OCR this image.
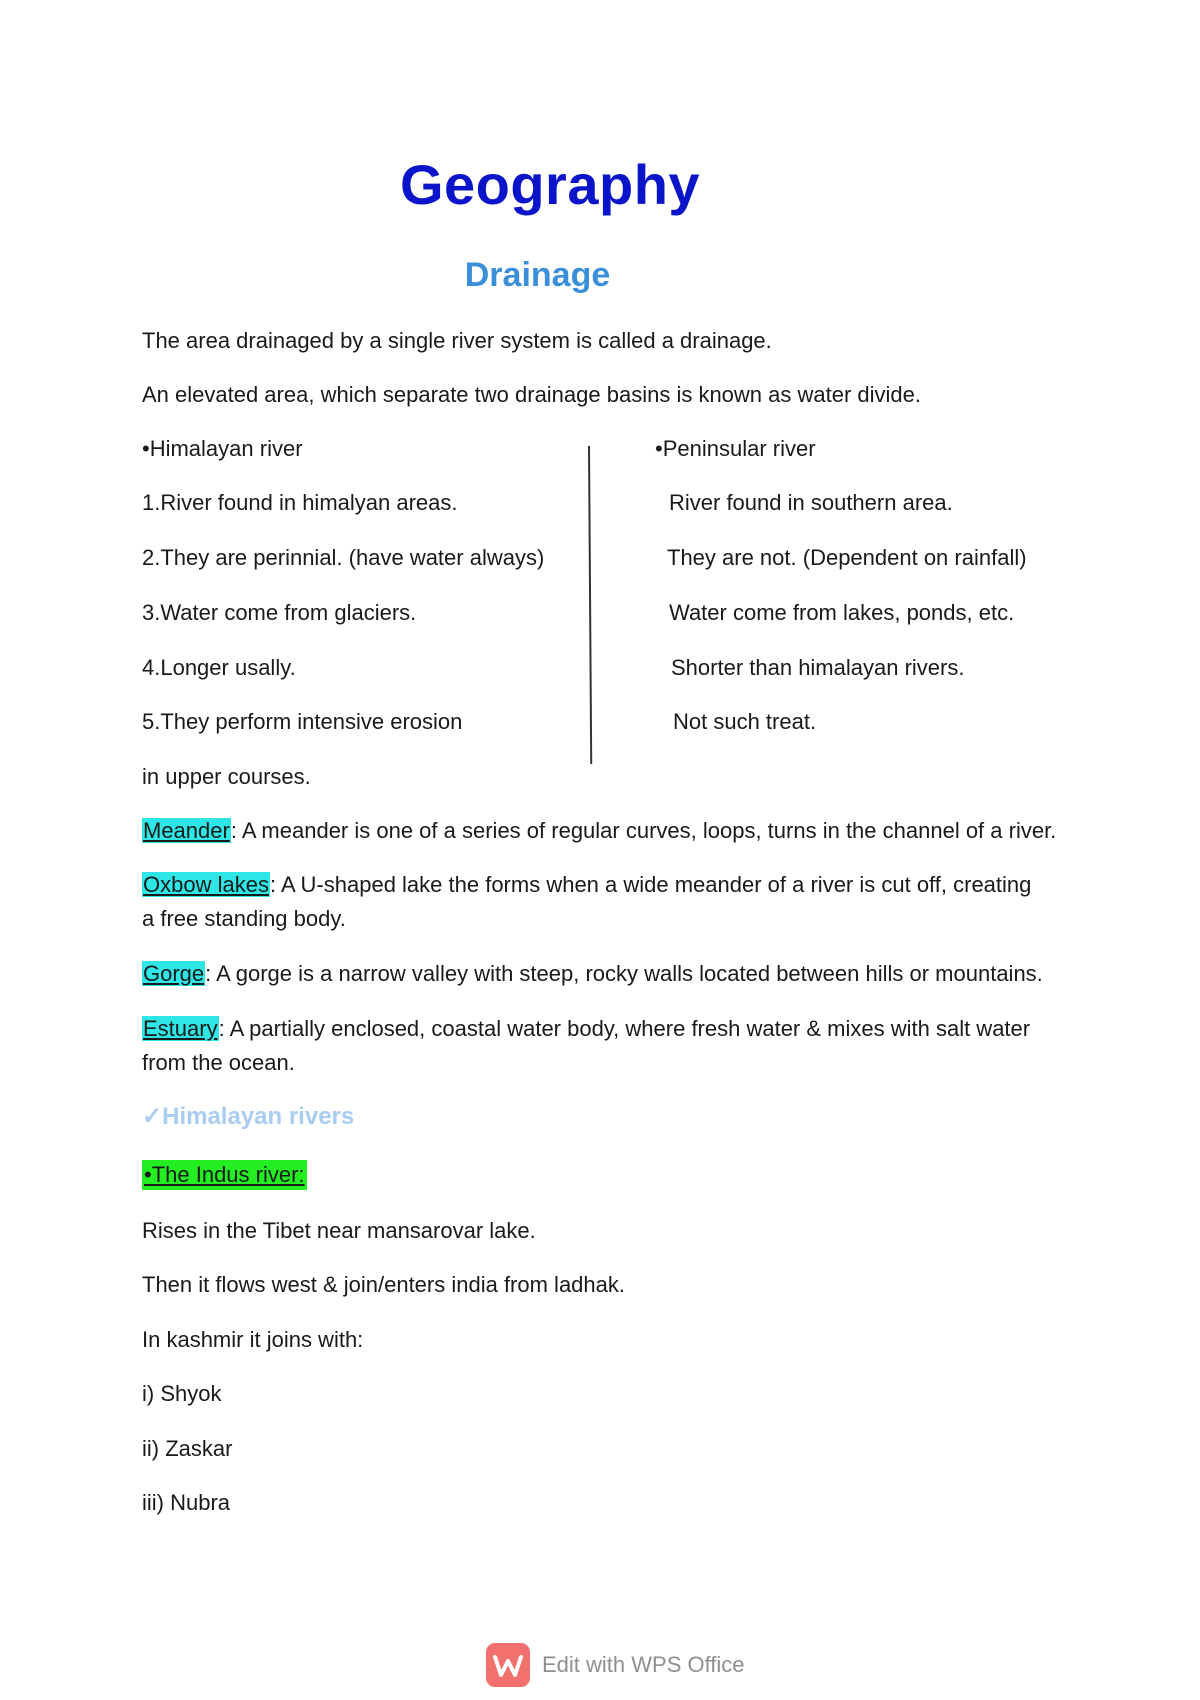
Geography
Drainage
The area drainaged by a single river system is called a drainage.
An elevated area, which separate two drainage basins is known as water divide.
•Himalayan river
1.River found in himalyan areas.
2.They are perinnial. (have water always)
3.Water come from glaciers.
4.Longer usally.
5.They perform intensive erosion
•Peninsular river
River found in southern area.
They are not. (Dependent on rainfall)
Water come from lakes, ponds, etc.
Shorter than himalayan rivers.
Not such treat.
in upper courses.
Meander: A meander is one of a series of regular curves, loops, turns in the channel of a river.
Oxbow lakes: A U-shaped lake the forms when a wide meander of a river is cut off, creating a free standing body.
Gorge: A gorge is a narrow valley with steep, rocky walls located between hills or mountains.
Estuary: A partially enclosed, coastal water body, where fresh water & mixes with salt water from the ocean.
✓Himalayan rivers
•The Indus river:
Rises in the Tibet near mansarovar lake.
Then it flows west & join/enters india from ladhak.
In kashmir it joins with:
i) Shyok
ii) Zaskar
iii) Nubra
Edit with WPS Office
